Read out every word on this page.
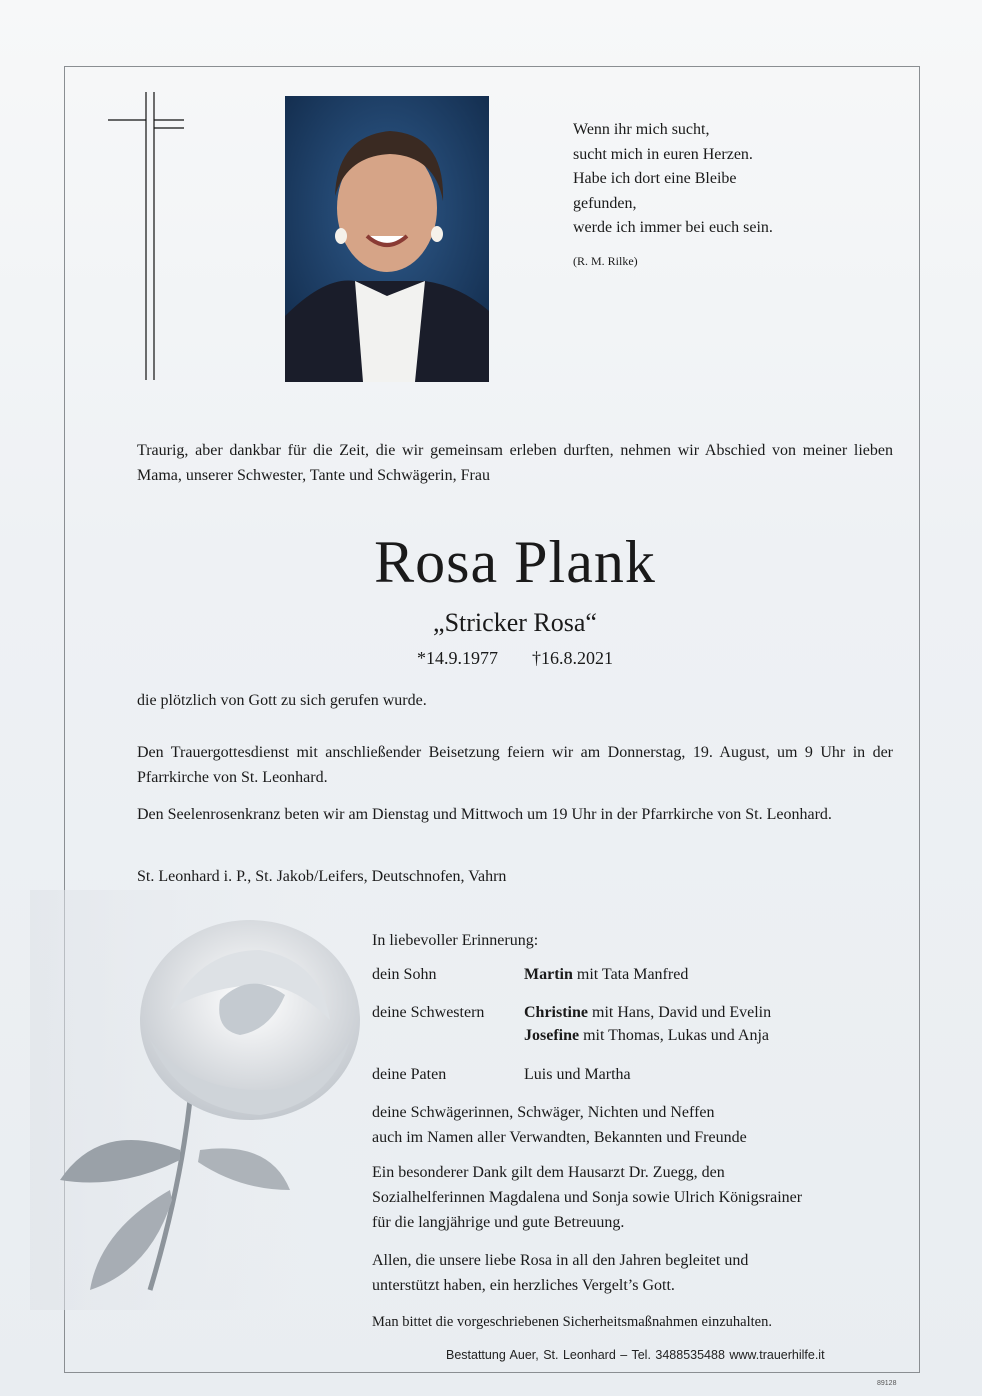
Wenn ihr mich sucht,
sucht mich in euren Herzen.
Habe ich dort eine Bleibe
gefunden,
werde ich immer bei euch sein.
(R. M. Rilke)
Traurig, aber dankbar für die Zeit, die wir gemeinsam erleben durften, nehmen wir Abschied von meiner lieben Mama, unserer Schwester, Tante und Schwägerin, Frau
Rosa Plank
„Stricker Rosa“
*14.9.1977 †16.8.2021
die plötzlich von Gott zu sich gerufen wurde.
Den Trauergottesdienst mit anschließender Beisetzung feiern wir am Donnerstag, 19. August, um 9 Uhr in der Pfarrkirche von St. Leonhard.
Den Seelenrosenkranz beten wir am Dienstag und Mittwoch um 19 Uhr in der Pfarrkirche von St. Leonhard.
St. Leonhard i. P., St. Jakob/Leifers, Deutschnofen, Vahrn
In liebevoller Erinnerung:
dein Sohn	Martin mit Tata Manfred
deine Schwestern Christine mit Hans, David und Evelin
Josefine mit Thomas, Lukas und Anja
deine Paten	Luis und Martha
deine Schwägerinnen, Schwäger, Nichten und Neffen
auch im Namen aller Verwandten, Bekannten und Freunde
Ein besonderer Dank gilt dem Hausarzt Dr. Zuegg, den
Sozialhelferinnen Magdalena und Sonja sowie Ulrich Königsrainer
für die langjährige und gute Betreuung.
Allen, die unsere liebe Rosa in all den Jahren begleitet und
unterstützt haben, ein herzliches Vergelt’s Gott.
Man bittet die vorgeschriebenen Sicherheitsmaßnahmen einzuhalten.
Bestattung Auer, St. Leonhard – Tel. 3488535488 www.trauerhilfe.it
89128
